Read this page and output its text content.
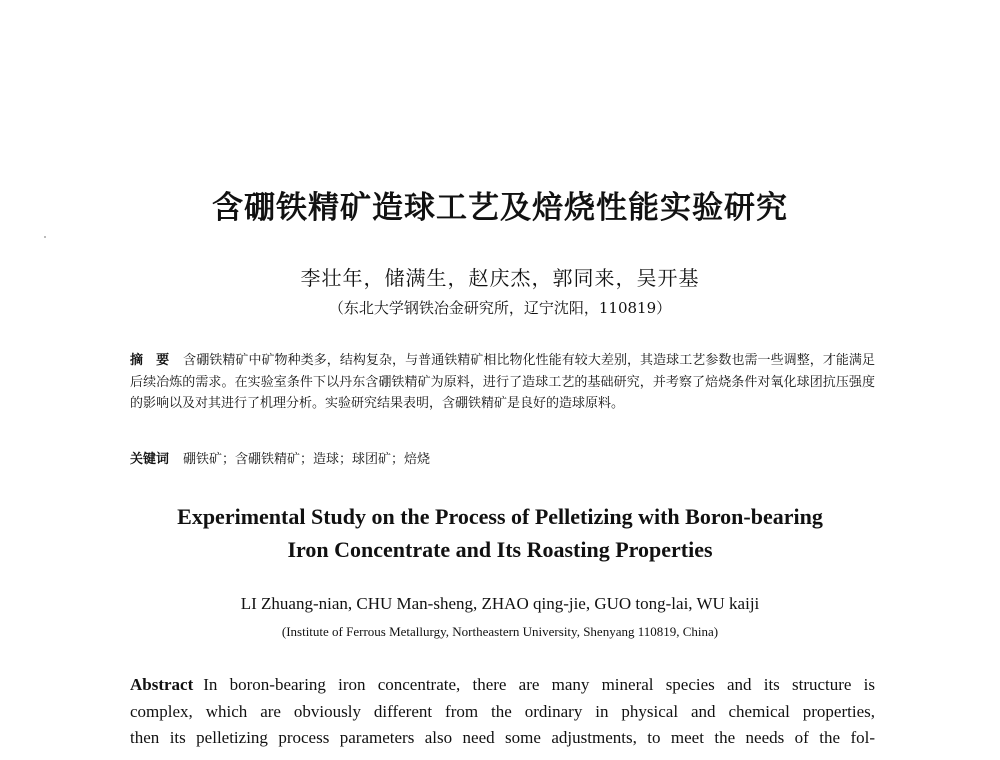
含硼铁精矿造球工艺及焙烧性能实验研究
李壮年，储满生，赵庆杰，郭同来，吴开基
（东北大学钢铁冶金研究所，辽宁沈阳，110819）
摘　要 含硼铁精矿中矿物种类多，结构复杂，与普通铁精矿相比物化性能有较大差别，其造球工艺参数也需一些调整，才能满足后续冶炼的需求。在实验室条件下以丹东含硼铁精矿为原料，进行了造球工艺的基础研究，并考察了焙烧条件对氧化球团抗压强度的影响以及对其进行了机理分析。实验研究结果表明，含硼铁精矿是良好的造球原料。
关键词 硼铁矿；含硼铁精矿；造球；球团矿；焙烧
Experimental Study on the Process of Pelletizing with Boron-bearing
Iron Concentrate and Its Roasting Properties
LI Zhuang-nian, CHU Man-sheng, ZHAO qing-jie, GUO tong-lai, WU kaiji
(Institute of Ferrous Metallurgy, Northeastern University, Shenyang 110819, China)
Abstract In boron-bearing iron concentrate, there are many mineral species and its structure is
complex, which are obviously different from the ordinary in physical and chemical properties,
then its pelletizing process parameters also need some adjustments, to meet the needs of the fol-
